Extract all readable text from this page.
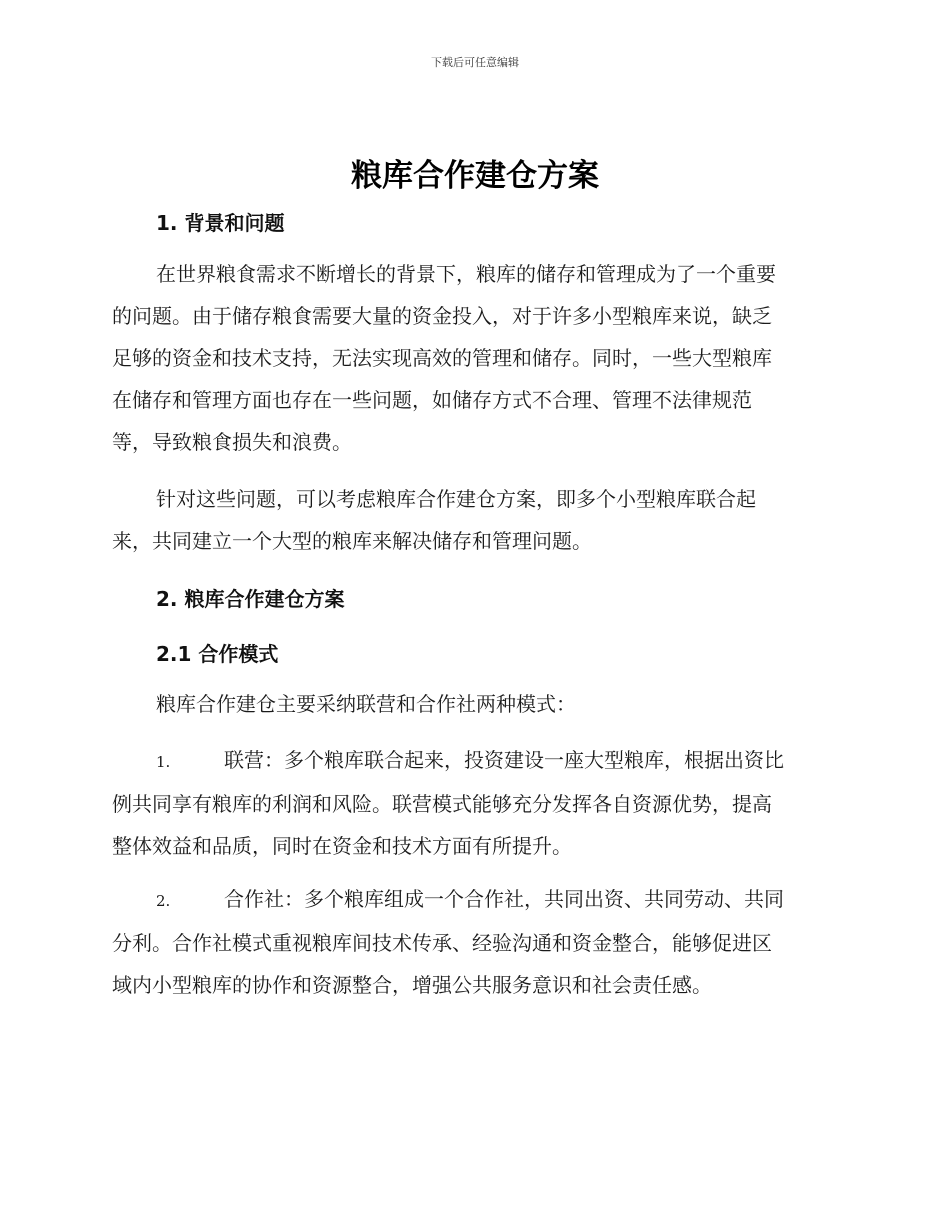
下载后可任意编辑
粮库合作建仓方案
1. 背景和问题
在世界粮食需求不断增长的背景下，粮库的储存和管理成为了一个重要
的问题。由于储存粮食需要大量的资金投入，对于许多小型粮库来说，缺乏
足够的资金和技术支持，无法实现高效的管理和储存。同时，一些大型粮库
在储存和管理方面也存在一些问题，如储存方式不合理、管理不法律规范
等，导致粮食损失和浪费。
针对这些问题，可以考虑粮库合作建仓方案，即多个小型粮库联合起
来，共同建立一个大型的粮库来解决储存和管理问题。
2. 粮库合作建仓方案
2.1 合作模式
粮库合作建仓主要采纳联营和合作社两种模式：
1.	联营：多个粮库联合起来，投资建设一座大型粮库，根据出资比
例共同享有粮库的利润和风险。联营模式能够充分发挥各自资源优势，提高
整体效益和品质，同时在资金和技术方面有所提升。
2.	合作社：多个粮库组成一个合作社，共同出资、共同劳动、共同
分利。合作社模式重视粮库间技术传承、经验沟通和资金整合，能够促进区
域内小型粮库的协作和资源整合，增强公共服务意识和社会责任感。
